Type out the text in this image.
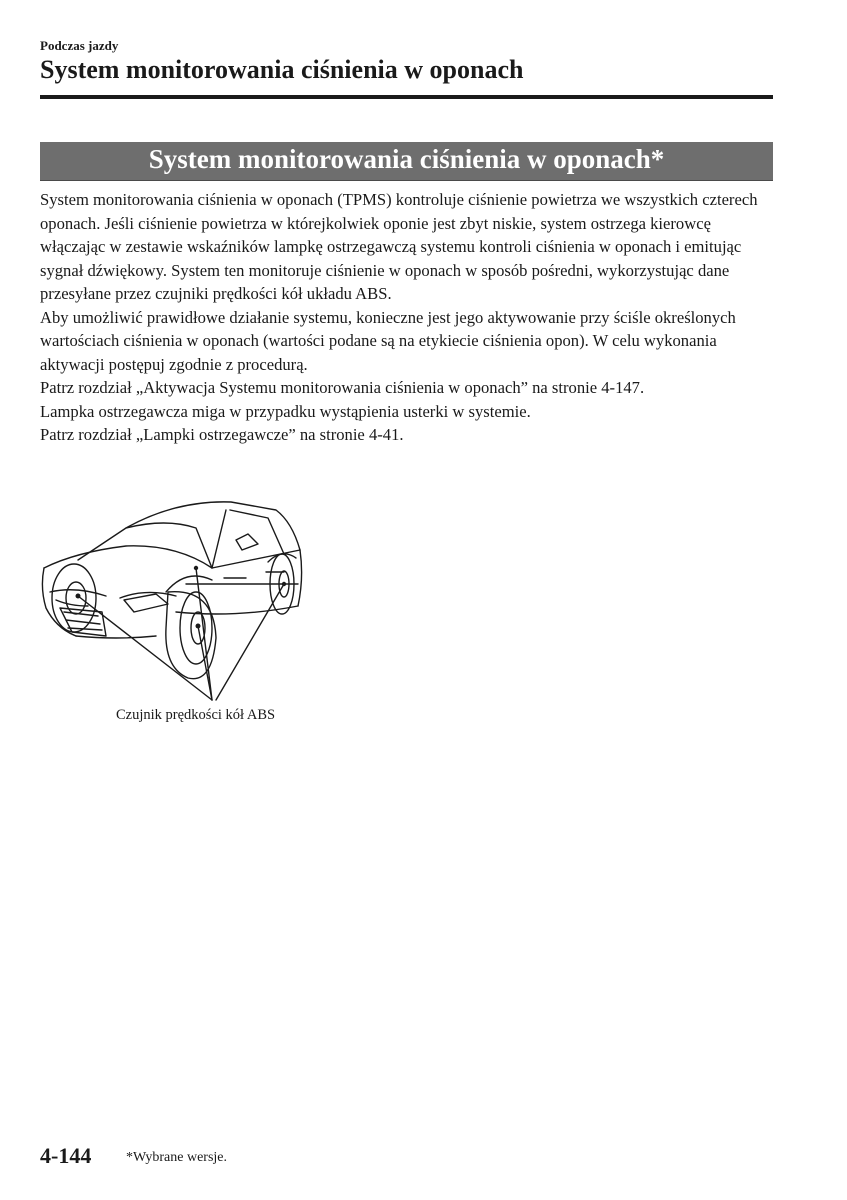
Podczas jazdy
System monitorowania ciśnienia w oponach
System monitorowania ciśnienia w oponach*

System monitorowania ciśnienia w oponach (TPMS) kontroluje ciśnienie powietrza we wszystkich czterech oponach. Jeśli ciśnienie powietrza w którejkolwiek oponie jest zbyt niskie, system ostrzega kierowcę włączając w zestawie wskaźników lampkę ostrzegawczą systemu kontroli ciśnienia w oponach i emitując sygnał dźwiękowy. System ten monitoruje ciśnienie w oponach w sposób pośredni, wykorzystując dane przesyłane przez czujniki prędkości kół układu ABS.

Aby umożliwić prawidłowe działanie systemu, konieczne jest jego aktywowanie przy ściśle określonych wartościach ciśnienia w oponach (wartości podane są na etykiecie ciśnienia opon). W celu wykonania aktywacji postępuj zgodnie z procedurą.

Patrz rozdział „Aktywacja Systemu monitorowania ciśnienia w oponach” na stronie 4-147.

Lampka ostrzegawcza miga w przypadku wystąpienia usterki w systemie.

Patrz rozdział „Lampki ostrzegawcze” na stronie 4-41.

Czujnik prędkości kół ABS
4-144 *Wybrane wersje.
